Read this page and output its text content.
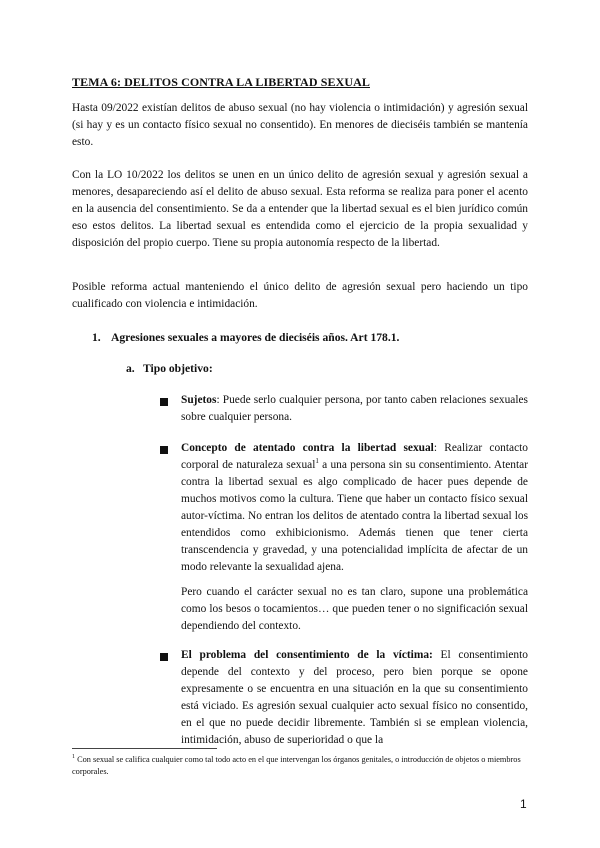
TEMA 6: DELITOS CONTRA LA LIBERTAD SEXUAL

Hasta 09/2022 existían delitos de abuso sexual (no hay violencia o intimidación) y agresión sexual (si hay y es un contacto físico sexual no consentido). En menores de dieciséis también se mantenía esto.

Con la LO 10/2022 los delitos se unen en un único delito de agresión sexual y agresión sexual a menores, desapareciendo así el delito de abuso sexual. Esta reforma se realiza para poner el acento en la ausencia del consentimiento. Se da a entender que la libertad sexual es el bien jurídico común eso estos delitos. La libertad sexual es entendida como el ejercicio de la propia sexualidad y disposición del propio cuerpo. Tiene su propia autonomía respecto de la libertad.

Posible reforma actual manteniendo el único delito de agresión sexual pero haciendo un tipo cualificado con violencia e intimidación.

1. Agresiones sexuales a mayores de dieciséis años. Art 178.1.

a. Tipo objetivo:

Sujetos: Puede serlo cualquier persona, por tanto caben relaciones sexuales sobre cualquier persona.

Concepto de atentado contra la libertad sexual: Realizar contacto corporal de naturaleza sexual$^1$ a una persona sin su consentimiento. Atentar contra la libertad sexual es algo complicado de hacer pues depende de muchos motivos como la cultura. Tiene que haber un contacto físico sexual autor-víctima. No entran los delitos de atentado contra la libertad sexual los entendidos como exhibicionismo. Además tienen que tener cierta transcendencia y gravedad, y una potencialidad implícita de afectar de un modo relevante la sexualidad ajena.

Pero cuando el carácter sexual no es tan claro, supone una problemática como los besos o tocamientos… que pueden tener o no significación sexual dependiendo del contexto.

El problema del consentimiento de la víctima: El consentimiento depende del contexto y del proceso, pero bien porque se opone expresamente o se encuentra en una situación en la que su consentimiento está viciado. Es agresión sexual cualquier acto sexual físico no consentido, en el que no puede decidir libremente. También si se emplean violencia, intimidación, abuso de superioridad o que la

$^1$ Con sexual se califica cualquier como tal todo acto en el que intervengan los órganos genitales, o introducción de objetos o miembros corporales.

1
